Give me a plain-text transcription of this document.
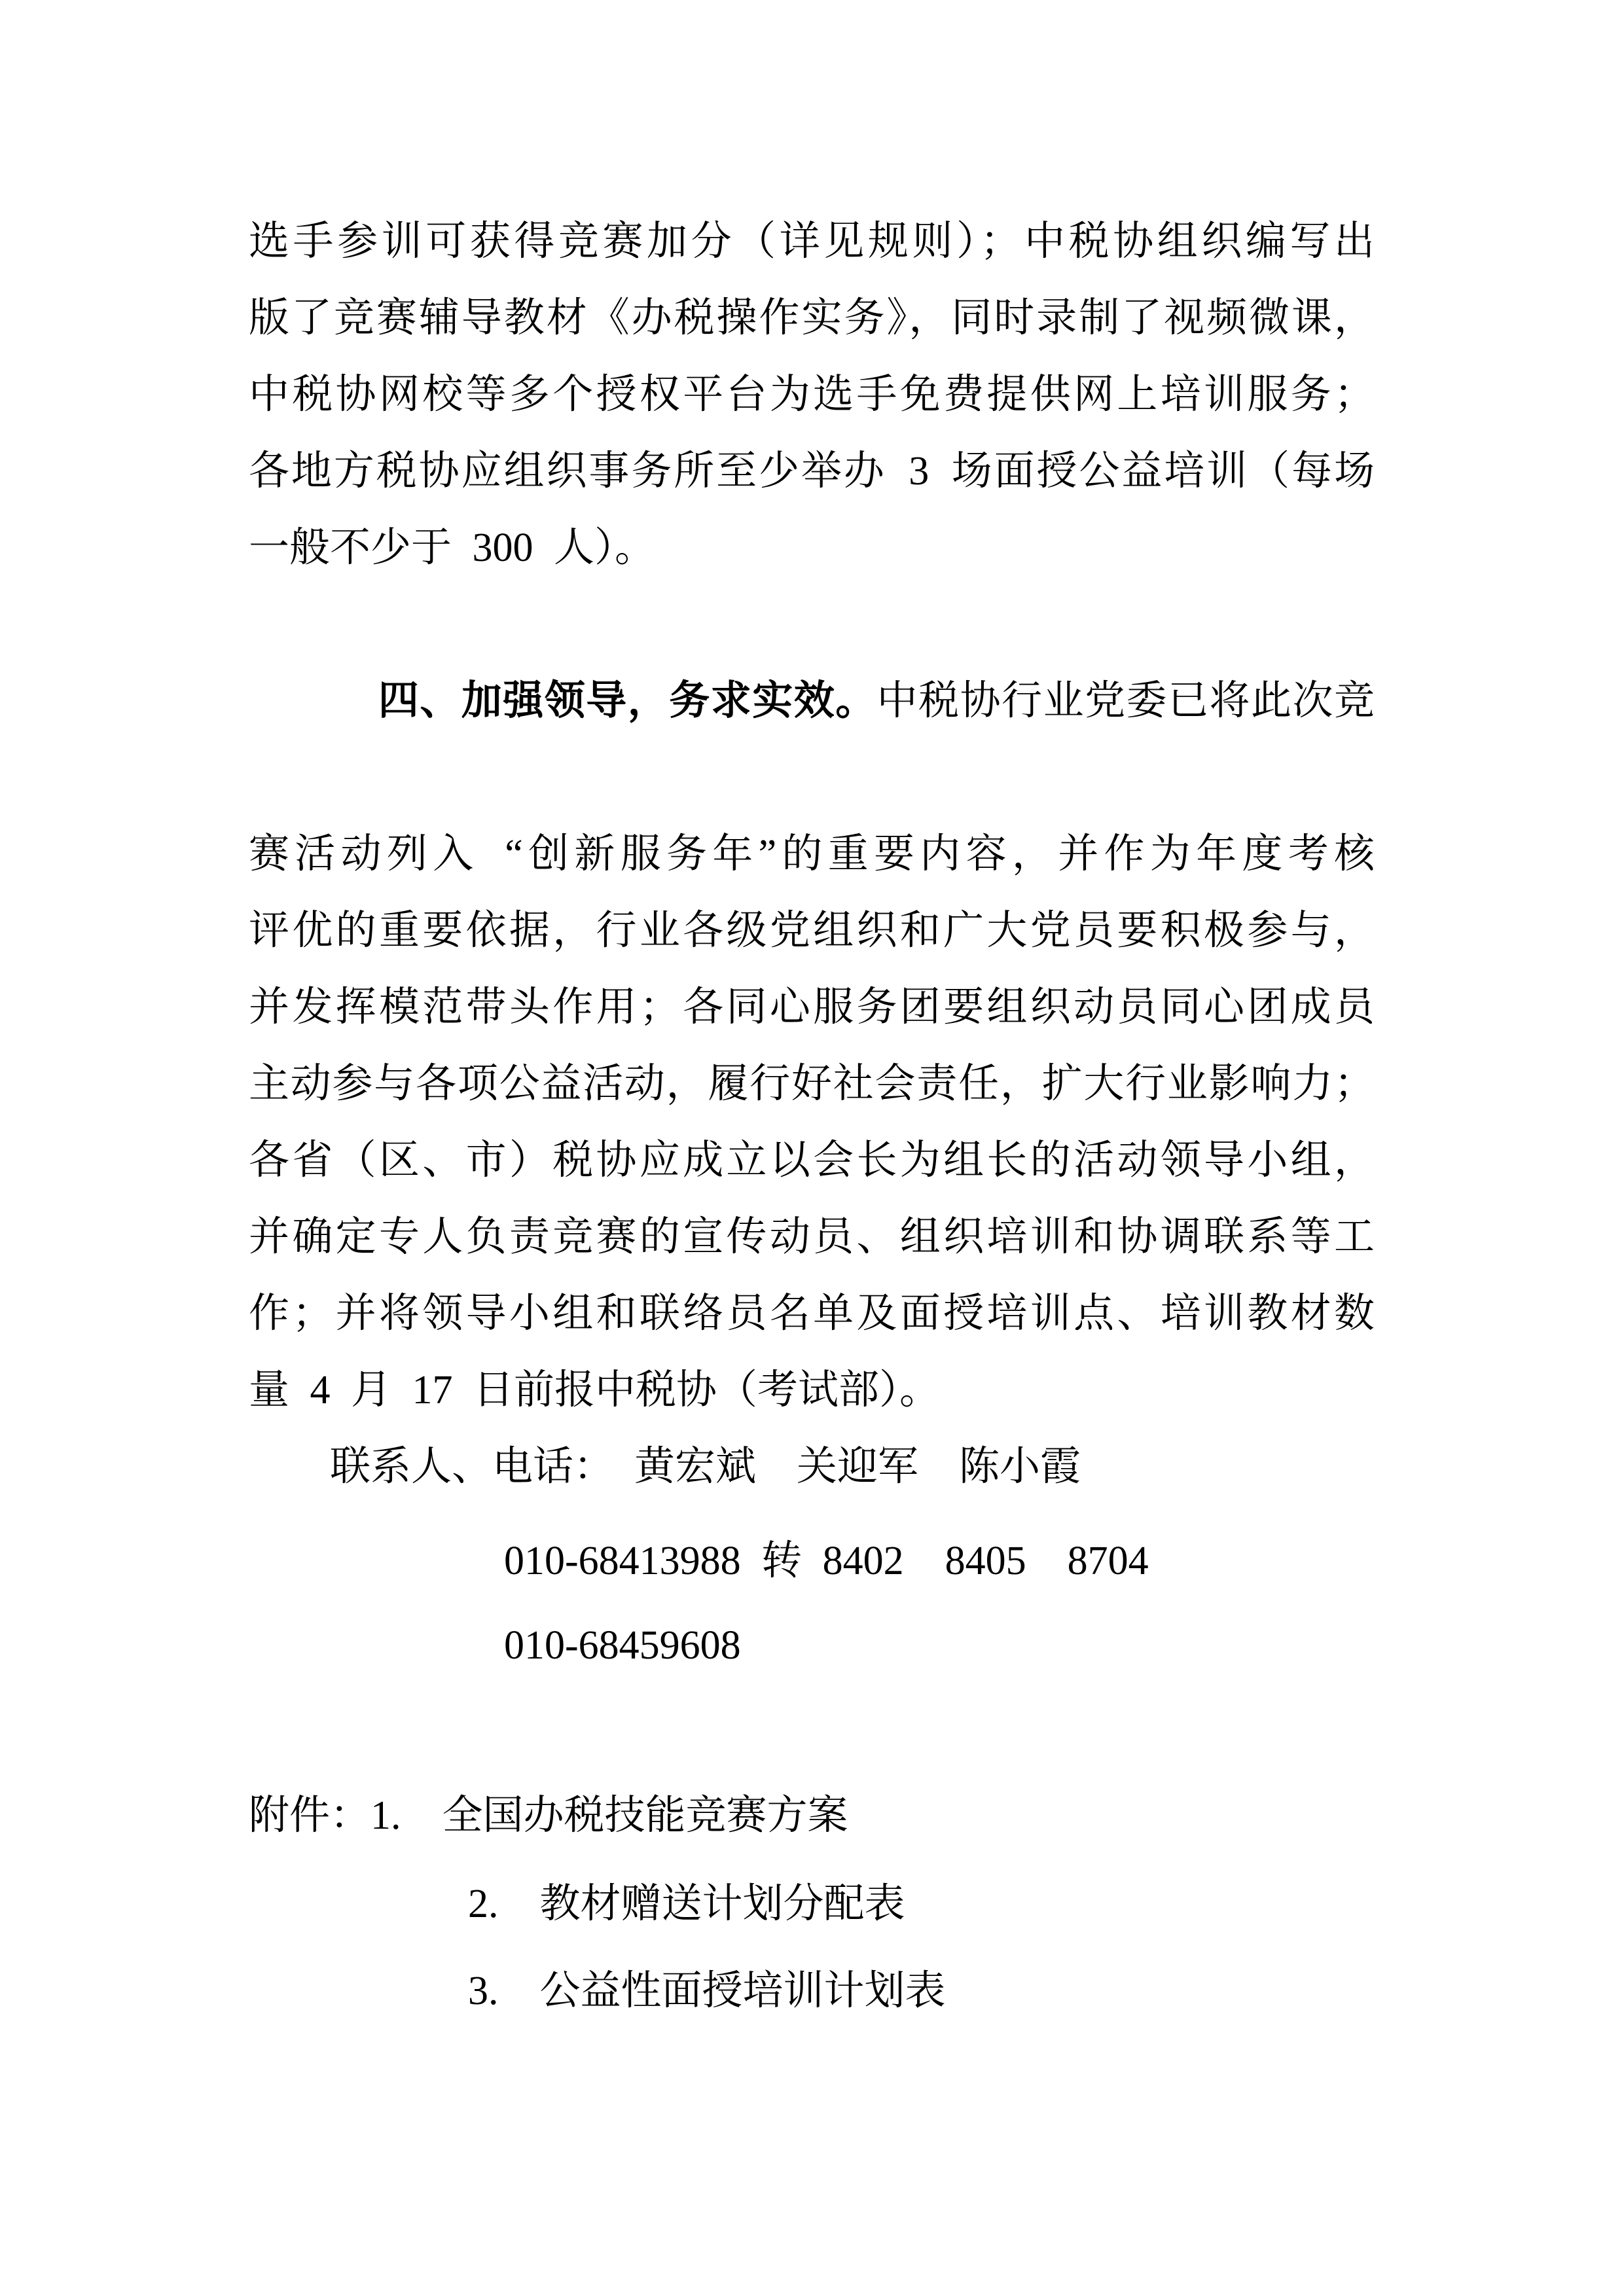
选手参训可获得竞赛加分（详见规则）；中税协组织编写出
版了竞赛辅导教材《办税操作实务》，同时录制了视频微课，
中税协网校等多个授权平台为选手免费提供网上培训服务；
各地方税协应组织事务所至少举办 3 场面授公益培训（每场
一般不少于 300 人）。

四、加强领导，务求实效。中税协行业党委已将此次竞

赛活动列入 “创新服务年”的重要内容，并作为年度考核
评优的重要依据，行业各级党组织和广大党员要积极参与，
并发挥模范带头作用；各同心服务团要组织动员同心团成员
主动参与各项公益活动，履行好社会责任，扩大行业影响力；
各省（区、市）税协应成立以会长为组长的活动领导小组，
并确定专人负责竞赛的宣传动员、组织培训和协调联系等工
作；并将领导小组和联络员名单及面授培训点、培训教材数
量 4 月 17 日前报中税协（考试部）。
联系人、电话：　黄宏斌　关迎军　陈小霞
010-68413988 转 8402  8405  8704
010-68459608
附件：1.  全国办税技能竞赛方案
2.  教材赠送计划分配表
3.  公益性面授培训计划表
